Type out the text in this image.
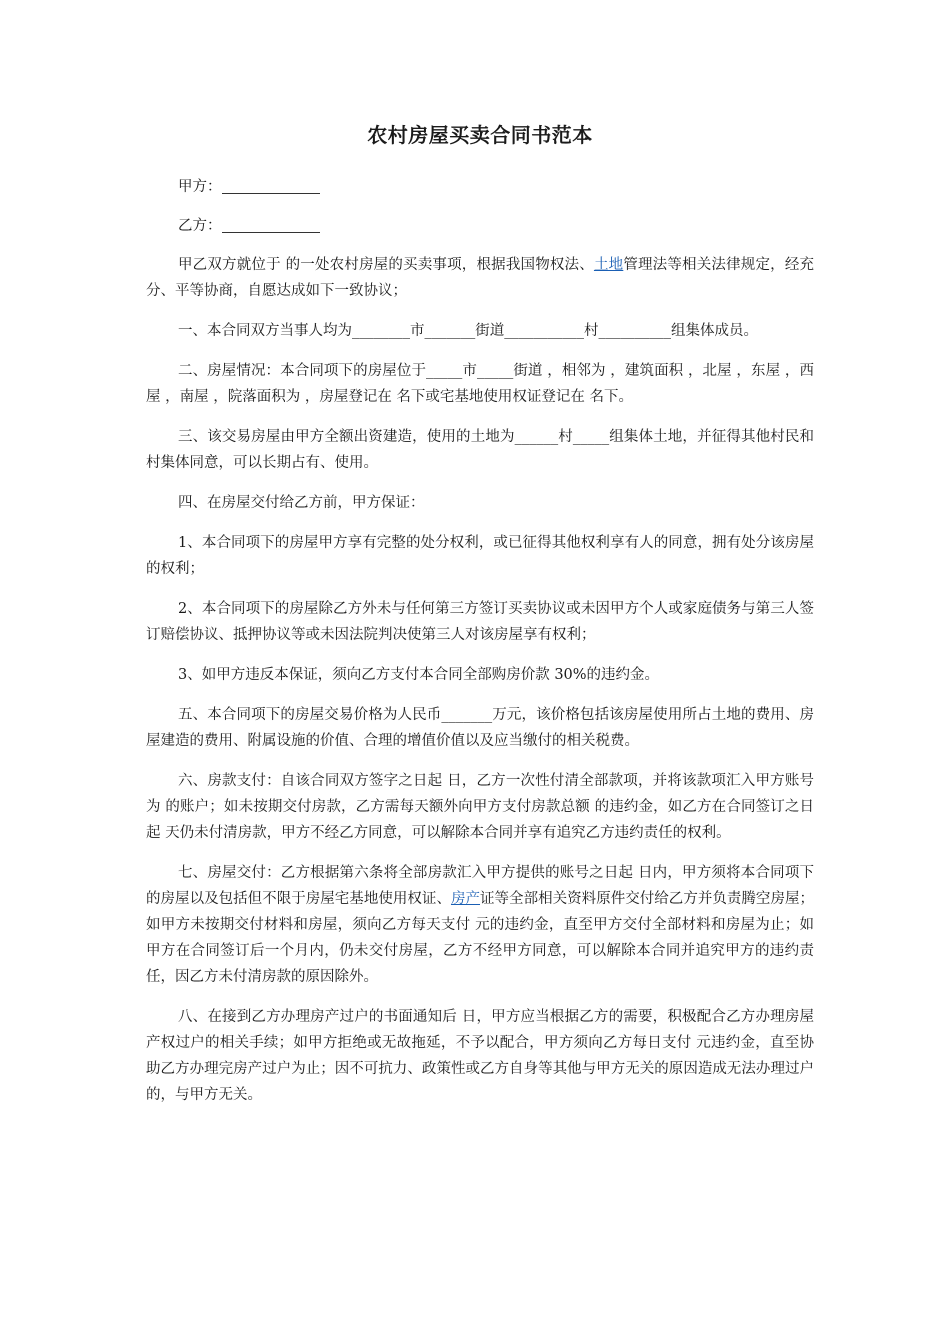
农村房屋买卖合同书范本
甲方：
乙方：

甲乙双方就位于 的一处农村房屋的买卖事项，根据我国物权法、土地管理法等相关法律规定，经充分、平等协商，自愿达成如下一致协议；

一、本合同双方当事人均为________市_______街道___________村__________组集体成员。

二、房屋情况：本合同项下的房屋位于_____市_____街道 ，相邻为 ，建筑面积 ，北屋 ，东屋 ，西屋 ，南屋 ，院落面积为 ，房屋登记在 名下或宅基地使用权证登记在 名下。

三、该交易房屋由甲方全额出资建造，使用的土地为______村_____组集体土地，并征得其他村民和村集体同意，可以长期占有、使用。

四、在房屋交付给乙方前，甲方保证：

1、本合同项下的房屋甲方享有完整的处分权利，或已征得其他权利享有人的同意，拥有处分该房屋的权利；

2、本合同项下的房屋除乙方外未与任何第三方签订买卖协议或未因甲方个人或家庭债务与第三人签订赔偿协议、抵押协议等或未因法院判决使第三人对该房屋享有权利；

3、如甲方违反本保证，须向乙方支付本合同全部购房价款 30%的违约金。

五、本合同项下的房屋交易价格为人民币_______万元，该价格包括该房屋使用所占土地的费用、房屋建造的费用、附属设施的价值、合理的增值价值以及应当缴付的相关税费。

六、房款支付：自该合同双方签字之日起 日，乙方一次性付清全部款项，并将该款项汇入甲方账号为 的账户；如未按期交付房款，乙方需每天额外向甲方支付房款总额 的违约金，如乙方在合同签订之日起 天仍未付清房款，甲方不经乙方同意，可以解除本合同并享有追究乙方违约责任的权利。

七、房屋交付：乙方根据第六条将全部房款汇入甲方提供的账号之日起 日内，甲方须将本合同项下的房屋以及包括但不限于房屋宅基地使用权证、房产证等全部相关资料原件交付给乙方并负责腾空房屋；如甲方未按期交付材料和房屋，须向乙方每天支付 元的违约金，直至甲方交付全部材料和房屋为止；如甲方在合同签订后一个月内，仍未交付房屋，乙方不经甲方同意，可以解除本合同并追究甲方的违约责任，因乙方未付清房款的原因除外。

八、在接到乙方办理房产过户的书面通知后 日，甲方应当根据乙方的需要，积极配合乙方办理房屋产权过户的相关手续；如甲方拒绝或无故拖延，不予以配合，甲方须向乙方每日支付 元违约金，直至协助乙方办理完房产过户为止；因不可抗力、政策性或乙方自身等其他与甲方无关的原因造成无法办理过户的，与甲方无关。
